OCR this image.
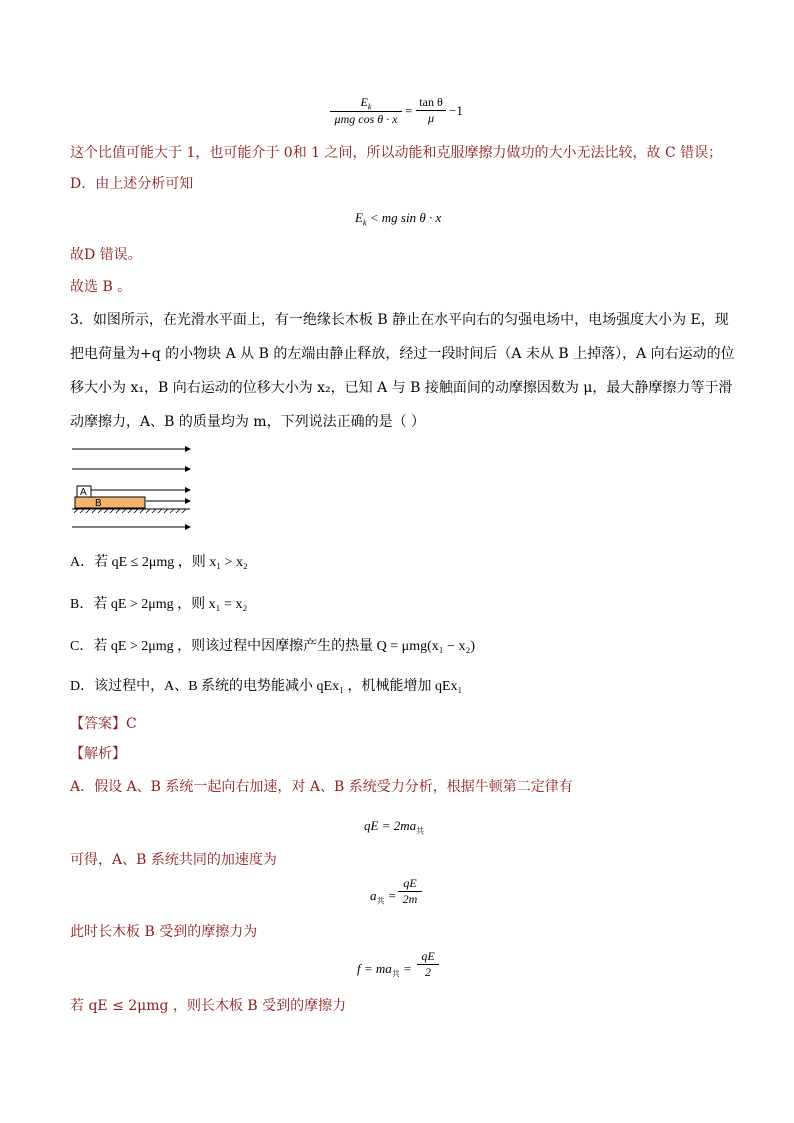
$E_k$
μmg cos θ · x
= $\frac{\text{tan θ}}{\mu} -1$
这个比值可能大于 1，也可能介于 0和 1 之间，所以动能和克服摩擦力做功的大小无法比较，故 C 错误；
D．由上述分析可知
$E_k$ < mg sin θ · x
故D 错误。
故选 B 。
3．如图所示，在光滑水平面上，有一绝缘长木板 B 静止在水平向右的匀强电场中，电场强度大小为 E，现
把电荷量为+q 的小物块 A 从 B 的左端由静止释放，经过一段时间后（A 未从 B 上掉落），A 向右运动的位
移大小为 x₁，B 向右运动的位移大小为 x₂，已知 A 与 B 接触面间的动摩擦因数为 μ，最大静摩擦力等于滑
动摩擦力，A、B 的质量均为 m，下列说法正确的是（ ）
A
B
A．若 qE ≤ 2μmg ，则 x₁ > x₂
B．若 qE > 2μmg ，则 x₁ = x₂
C．若 qE > 2μmg ，则该过程中因摩擦产生的热量 Q = μmg(x₁ − x₂)
D．该过程中，A、B 系统的电势能减小 qEx₁ ，机械能增加 qEx₁
【答案】C
【解析】
A．假设 A、B 系统一起向右加速，对 A、B 系统受力分析，根据牛顿第二定律有
qE = $2ma_共$
可得，A、B 系统共同的加速度为
$a_共 = \frac{qE}{2m}$
此时长木板 B 受到的摩擦力为
$f = ma_共 = \frac{qE}{2}$
若 qE ≤ 2μmg ，则长木板 B 受到的摩擦力
